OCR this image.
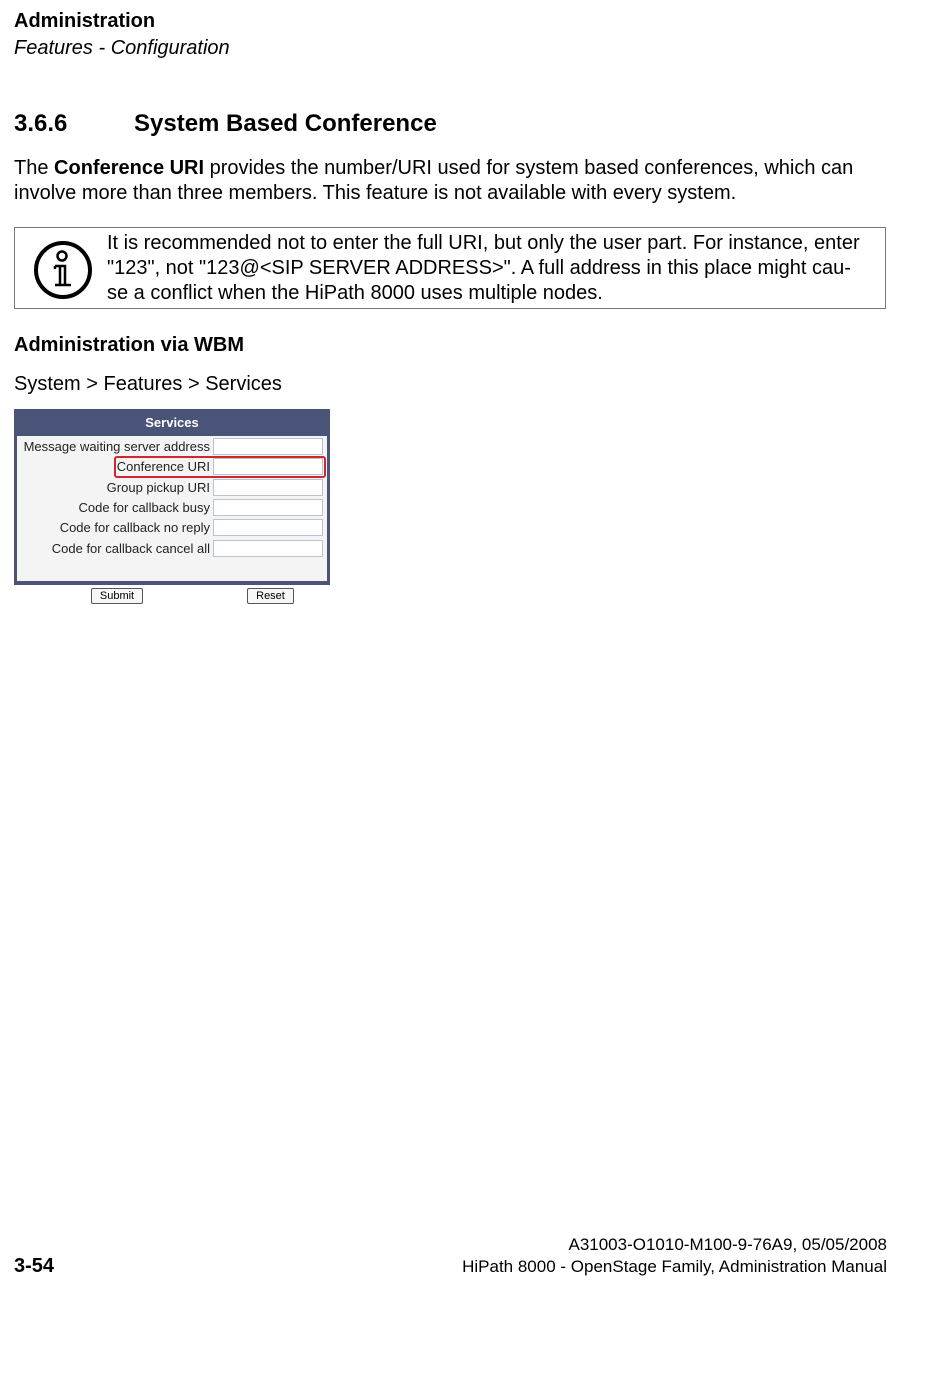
Administration
Features - Configuration
3.6.6	System Based Conference
The Conference URI provides the number/URI used for system based conferences, which can involve more than three members. This feature is not available with every system.
It is recommended not to enter the full URI, but only the user part. For instance, enter
"123", not "123@<SIP SERVER ADDRESS>". A full address in this place might cau-
se a conflict when the HiPath 8000 uses multiple nodes.
Administration via WBM
System > Features > Services
Services
Message waiting server address
Conference URI
Group pickup URI
Code for callback busy
Code for callback no reply
Code for callback cancel all
Submit	Reset
A31003-O1010-M100-9-76A9, 05/05/2008
HiPath 8000 - OpenStage Family, Administration Manual
3-54
